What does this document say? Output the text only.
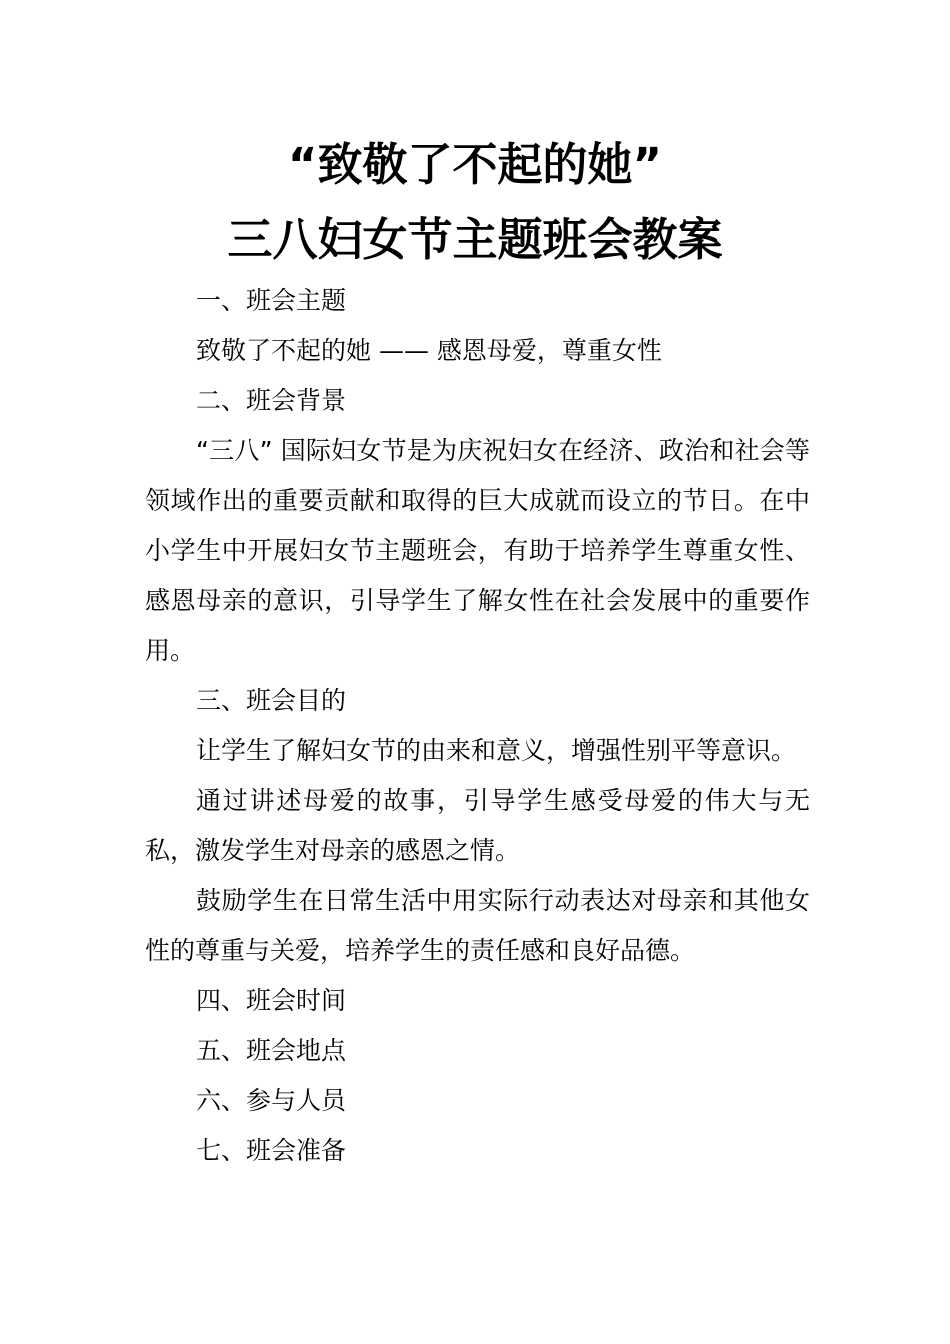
“致敬了不起的她”
三八妇女节主题班会教案

一、班会主题

致敬了不起的她 —— 感恩母爱，尊重女性

二、班会背景

“三八” 国际妇女节是为庆祝妇女在经济、政治和社会等领域作出的重要贡献和取得的巨大成就而设立的节日。在中小学生中开展妇女节主题班会，有助于培养学生尊重女性、感恩母亲的意识，引导学生了解女性在社会发展中的重要作用。

三、班会目的

让学生了解妇女节的由来和意义，增强性别平等意识。

通过讲述母爱的故事，引导学生感受母爱的伟大与无私，激发学生对母亲的感恩之情。

鼓励学生在日常生活中用实际行动表达对母亲和其他女性的尊重与关爱，培养学生的责任感和良好品德。

四、班会时间

五、班会地点

六、参与人员

七、班会准备
